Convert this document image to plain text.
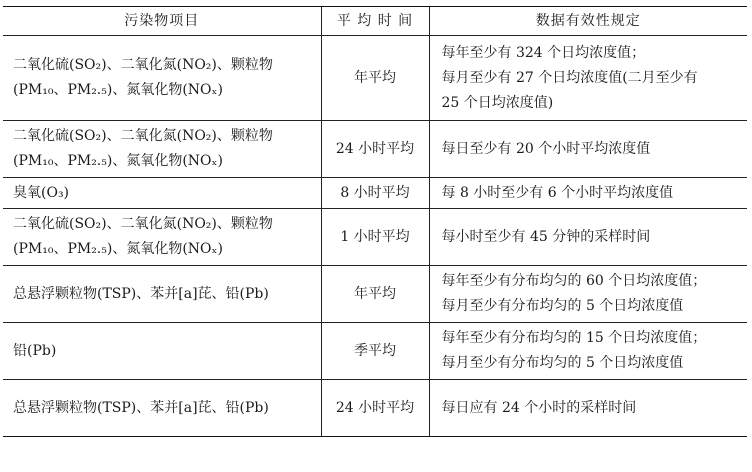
污染物项目	平 均 时 间	数据有效性规定

二氧化硫(SO₂)、二氧化氮(NO₂)、颗粒物
(PM₁₀、PM₂.₅)、氮氧化物(NOₓ)	年平均	每年至少有 324 个日均浓度值；
每月至少有 27 个日均浓度值(二月至少有
25 个日均浓度值)

二氧化硫(SO₂)、二氧化氮(NO₂)、颗粒物
(PM₁₀、PM₂.₅)、氮氧化物(NOₓ)	24 小时平均	每日至少有 20 个小时平均浓度值

臭氧(O₃)	8 小时平均	每 8 小时至少有 6 个小时平均浓度值

二氧化硫(SO₂)、二氧化氮(NO₂)、颗粒物
(PM₁₀、PM₂.₅)、氮氧化物(NOₓ)	1 小时平均	每小时至少有 45 分钟的采样时间

总悬浮颗粒物(TSP)、苯并[a]芘、铅(Pb)	年平均	每年至少有分布均匀的 60 个日均浓度值；
每月至少有分布均匀的 5 个日均浓度值

铅(Pb)	季平均	每年至少有分布均匀的 15 个日均浓度值；
每月至少有分布均匀的 5 个日均浓度值

总悬浮颗粒物(TSP)、苯并[a]芘、铅(Pb)	24 小时平均	每日应有 24 个小时的采样时间
